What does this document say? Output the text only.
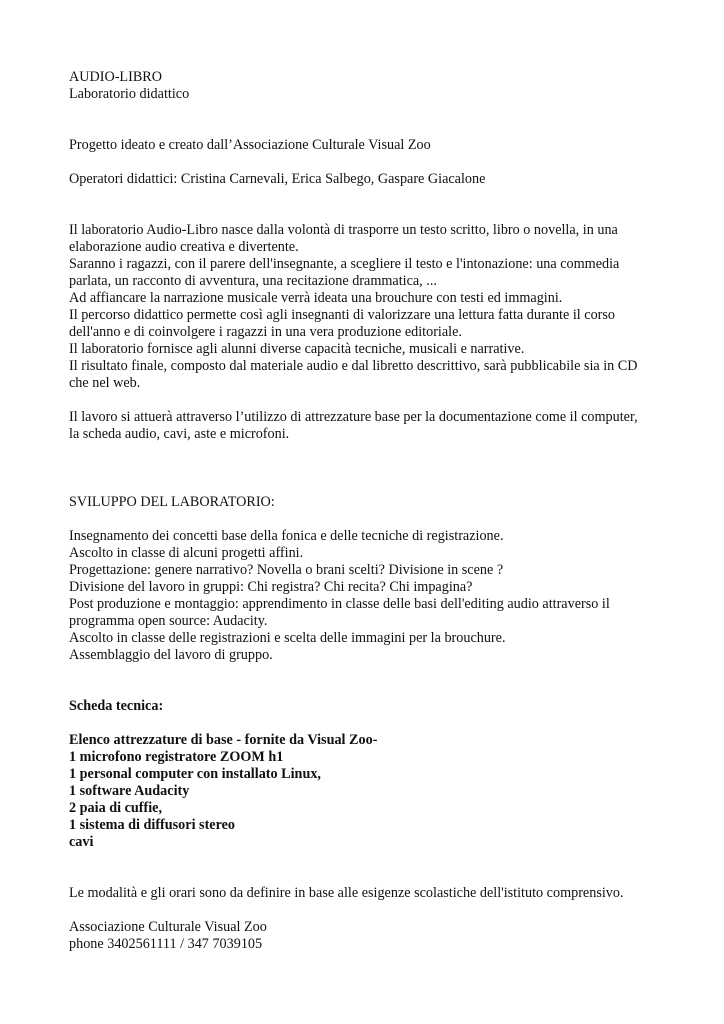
AUDIO-LIBRO
Laboratorio didattico
Progetto ideato e creato dall’Associazione Culturale Visual Zoo
Operatori didattici: Cristina Carnevali, Erica Salbego, Gaspare Giacalone
Il laboratorio Audio-Libro nasce dalla volontà di trasporre un testo scritto, libro o novella, in una
elaborazione audio creativa e divertente.
Saranno i ragazzi, con il parere dell'insegnante, a scegliere il testo e l'intonazione: una commedia
parlata, un racconto di avventura, una recitazione drammatica, ...
Ad affiancare la narrazione musicale verrà ideata una brouchure con testi ed immagini.
Il percorso didattico permette così agli insegnanti di valorizzare una lettura fatta durante il corso
dell'anno e di coinvolgere i ragazzi in una vera produzione editoriale.
Il laboratorio fornisce agli alunni diverse capacità tecniche, musicali e narrative.
Il risultato finale, composto dal materiale audio e dal libretto descrittivo, sarà pubblicabile sia in CD
che nel web.
Il lavoro si attuerà attraverso l’utilizzo di attrezzature base per la documentazione come il computer,
la scheda audio, cavi, aste e microfoni.
SVILUPPO DEL LABORATORIO:
Insegnamento dei concetti base della fonica e delle tecniche di registrazione.
Ascolto in classe di alcuni progetti affini.
Progettazione: genere narrativo? Novella o brani scelti? Divisione in scene ?
Divisione del lavoro in gruppi: Chi registra? Chi recita? Chi impagina?
Post produzione e montaggio: apprendimento in classe delle basi dell'editing audio attraverso il
programma open source: Audacity.
Ascolto in classe delle registrazioni e scelta delle immagini per la brouchure.
Assemblaggio del lavoro di gruppo.
Scheda tecnica:
Elenco attrezzature di base - fornite da Visual Zoo-
1 microfono registratore ZOOM h1
1 personal computer con installato Linux,
1 software Audacity
2 paia di cuffie,
1 sistema di diffusori stereo
cavi
Le modalità e gli orari sono da definire in base alle esigenze scolastiche dell'istituto comprensivo.
Associazione Culturale Visual Zoo
phone 3402561111 / 347 7039105
